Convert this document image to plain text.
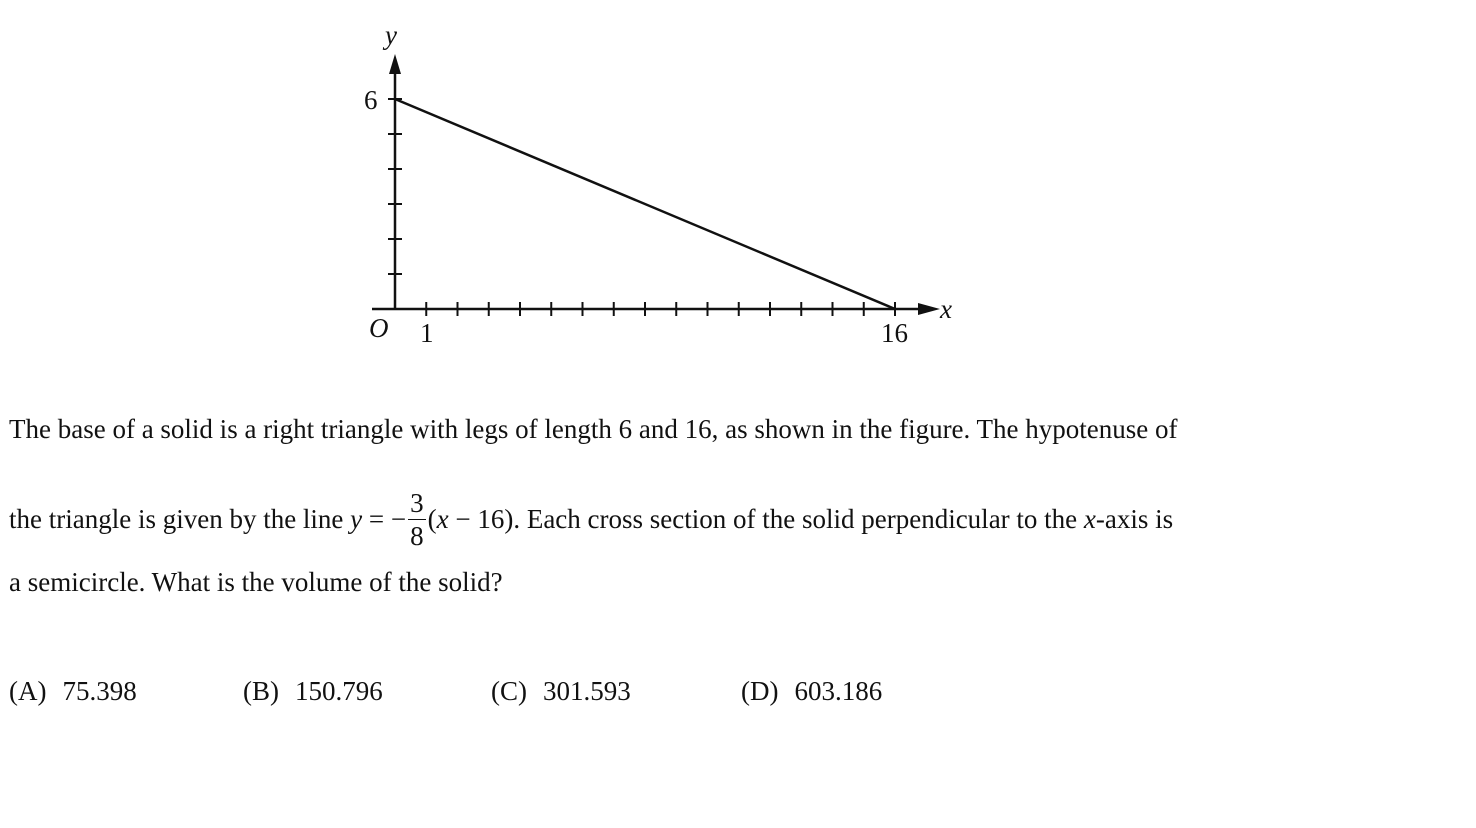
y
x
O
6
1	16
The base of a solid is a right triangle with legs of length 6 and 16, as shown in the figure. The hypotenuse of
the triangle is given by the line y = − $\frac{3}{8} (x - 16)$. Each cross section of the solid perpendicular to the x-axis is
a semicircle. What is the volume of the solid?
(A) 75.398	(B) 150.796	(C) 301.593	(D) 603.186
